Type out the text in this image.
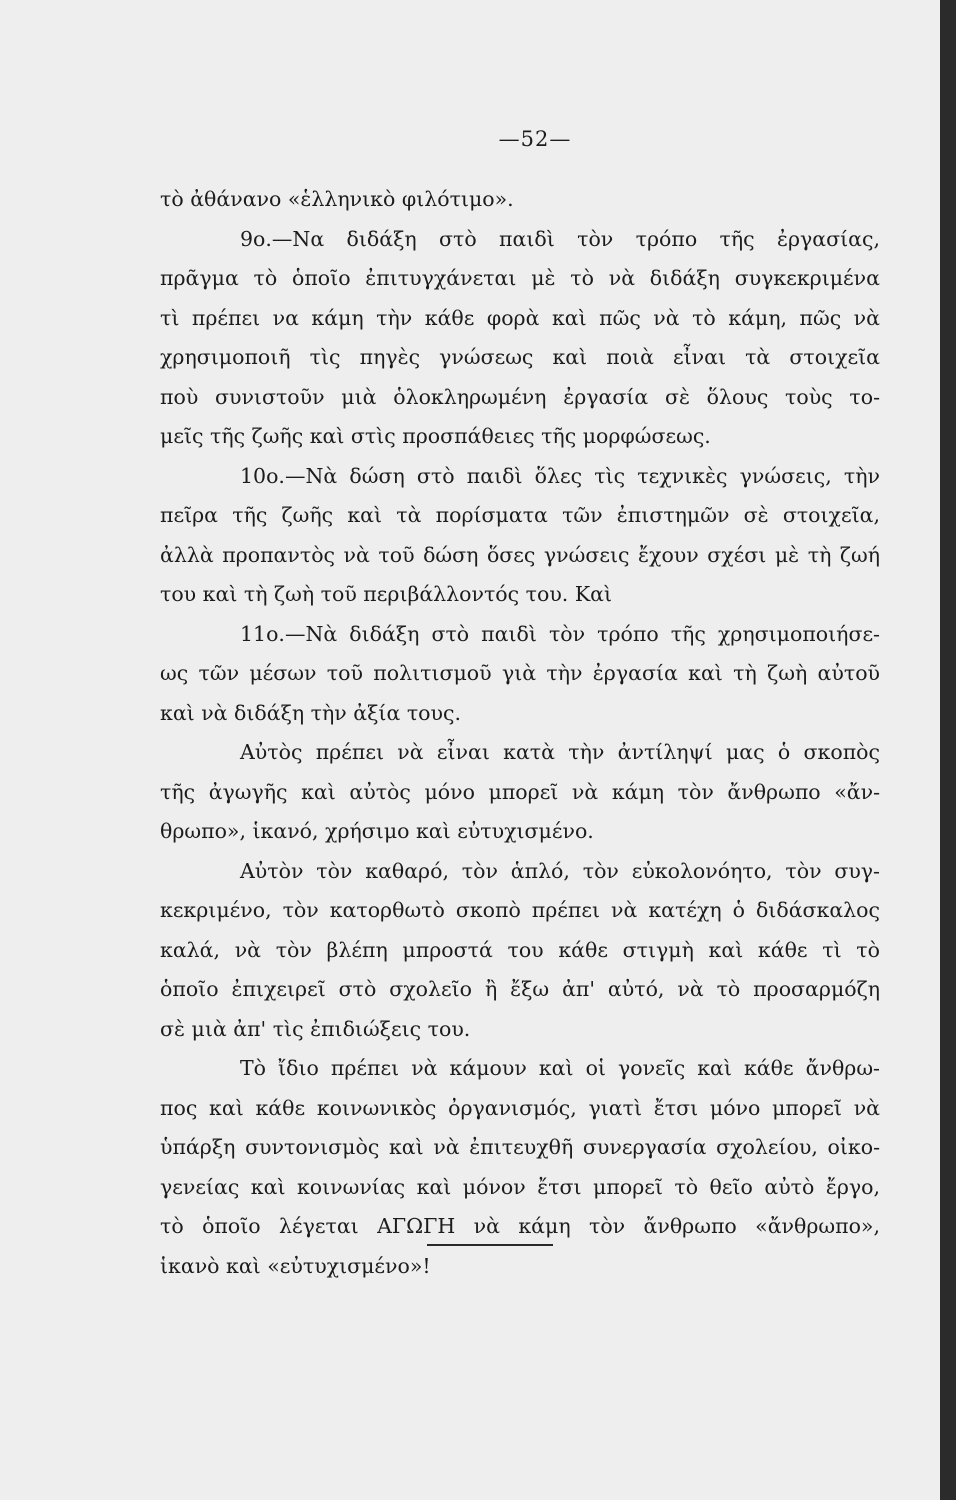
—52—
τὸ ἀθάνανο «ἑλληνικὸ φιλότιμο».
9ο.—Να διδάξη στὸ παιδὶ τὸν τρόπο τῆς ἐργασίας,
πρᾶγμα τὸ ὁποῖο ἐπιτυγχάνεται μὲ τὸ νὰ διδάξη συγκεκριμένα
τὶ πρέπει να κάμη τὴν κάθε φορὰ καὶ πῶς νὰ τὸ κάμη, πῶς νὰ
χρησιμοποιῆ τὶς πηγὲς γνώσεως καὶ ποιὰ εἶναι τὰ στοιχεῖα
ποὺ συνιστοῦν μιὰ ὁλοκληρωμένη ἐργασία σὲ ὅλους τοὺς το-
μεῖς τῆς ζωῆς καὶ στὶς προσπάθειες τῆς μορφώσεως.
10ο.—Νὰ δώση στὸ παιδὶ ὅλες τὶς τεχνικὲς γνώσεις, τὴν
πεῖρα τῆς ζωῆς καὶ τὰ πορίσματα τῶν ἐπιστημῶν σὲ στοιχεῖα,
ἀλλὰ προπαντὸς νὰ τοῦ δώση ὅσες γνώσεις ἔχουν σχέσι μὲ τὴ ζωή
του καὶ τὴ ζωὴ τοῦ περιβάλλοντός του. Καὶ
11ο.—Νὰ διδάξη στὸ παιδὶ τὸν τρόπο τῆς χρησιμοποιήσε-
ως τῶν μέσων τοῦ πολιτισμοῦ γιὰ τὴν ἐργασία καὶ τὴ ζωὴ αὐτοῦ
καὶ νὰ διδάξη τὴν ἀξία τους.
Αὐτὸς πρέπει νὰ εἶναι κατὰ τὴν ἀντίληψί μας ὁ σκοπὸς
τῆς ἀγωγῆς καὶ αὐτὸς μόνο μπορεῖ νὰ κάμη τὸν ἄνθρωπο «ἄν-
θρωπο», ἱκανό, χρήσιμο καὶ εὐτυχισμένο.
Αὐτὸν τὸν καθαρό, τὸν ἁπλό, τὸν εὐκολονόητο, τὸν συγ-
κεκριμένο, τὸν κατορθωτὸ σκοπὸ πρέπει νὰ κατέχη ὁ διδάσκαλος
καλά, νὰ τὸν βλέπη μπροστά του κάθε στιγμὴ καὶ κάθε τὶ τὸ
ὁποῖο ἐπιχειρεῖ στὸ σχολεῖο ἢ ἔξω ἀπ' αὐτό, νὰ τὸ προσαρμόζη
σὲ μιὰ ἀπ' τὶς ἐπιδιώξεις του.
Τὸ ἴδιο πρέπει νὰ κάμουν καὶ οἱ γονεῖς καὶ κάθε ἄνθρω-
πος καὶ κάθε κοινωνικὸς ὀργανισμός, γιατὶ ἔτσι μόνο μπορεῖ νὰ
ὑπάρξη συντονισμὸς καὶ νὰ ἐπιτευχθῆ συνεργασία σχολείου, οἰκο-
γενείας καὶ κοινωνίας καὶ μόνον ἔτσι μπορεῖ τὸ θεῖο αὐτὸ ἔργο,
τὸ ὁποῖο λέγεται ΑΓΩΓΗ νὰ κάμη τὸν ἄνθρωπο «ἄνθρωπο»,
ἱκανὸ καὶ «εὐτυχισμένο»!
